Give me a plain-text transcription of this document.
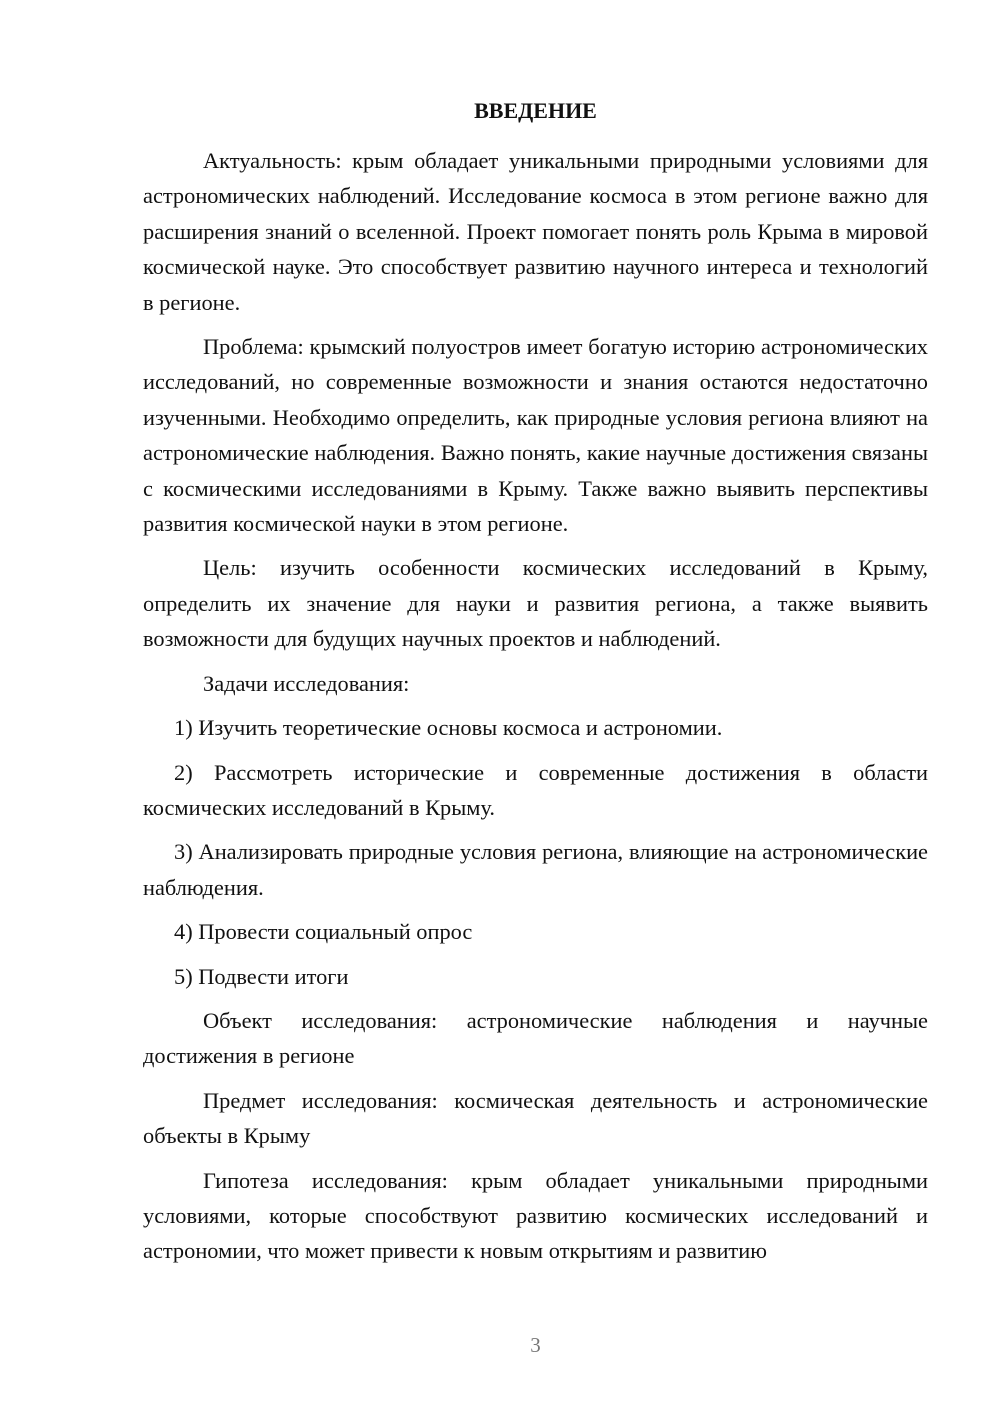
ВВЕДЕНИЕ

Актуальность: крым обладает уникальными природными условиями для астрономических наблюдений. Исследование космоса в этом регионе важно для расширения знаний о вселенной. Проект помогает понять роль Крыма в мировой космической науке. Это способствует развитию научного интереса и технологий в регионе.

Проблема: крымский полуостров имеет богатую историю астрономических исследований, но современные возможности и знания остаются недостаточно изученными. Необходимо определить, как природные условия региона влияют на астрономические наблюдения. Важно понять, какие научные достижения связаны с космическими исследованиями в Крыму. Также важно выявить перспективы развития космической науки в этом регионе.

Цель: изучить особенности космических исследований в Крыму, определить их значение для науки и развития региона, а также выявить возможности для будущих научных проектов и наблюдений.

Задачи исследования:

1) Изучить теоретические основы космоса и астрономии.

2) Рассмотреть исторические и современные достижения в области космических исследований в Крыму.

3) Анализировать природные условия региона, влияющие на астрономические наблюдения.

4) Провести социальный опрос

5) Подвести итоги

Объект исследования: астрономические наблюдения и научные достижения в регионе

Предмет исследования: космическая деятельность и астрономические объекты в Крыму

Гипотеза исследования: крым обладает уникальными природными условиями, которые способствуют развитию космических исследований и астрономии, что может привести к новым открытиям и развитию

3
